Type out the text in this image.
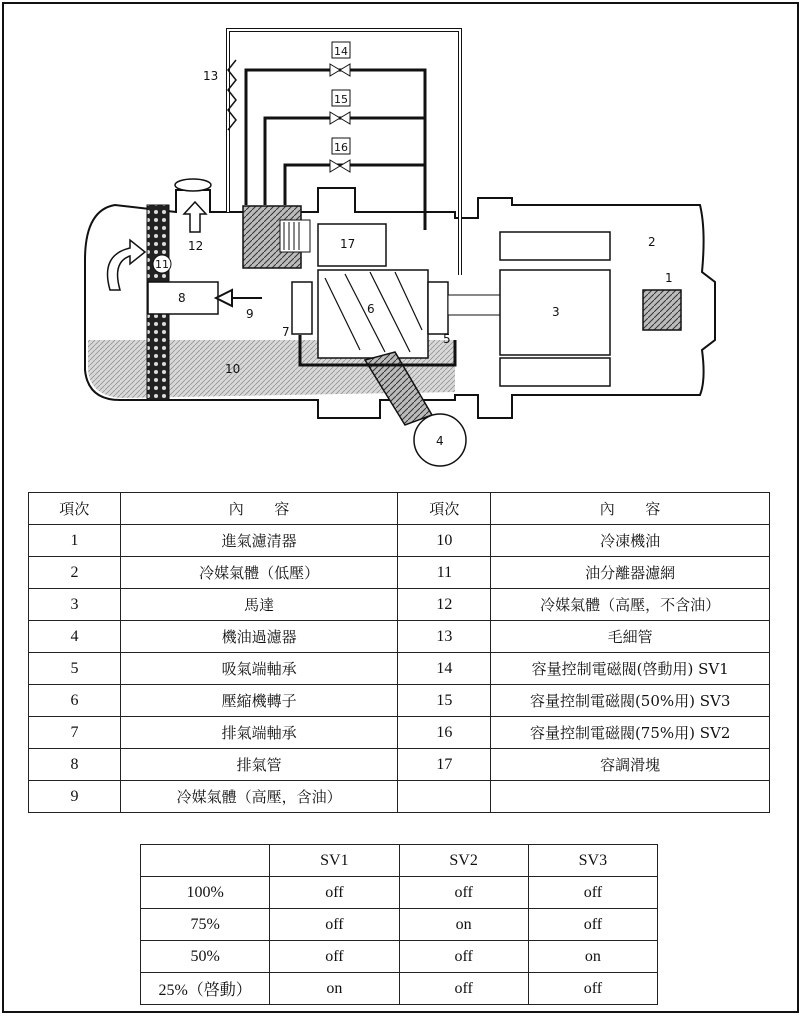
1
2
3
4
5
6
7
8
9
10
11
12
13
14
15
16
17
項次	內　　容	項次	內　　容
1	進氣濾清器	10	冷凍機油
2	冷媒氣體（低壓）	11	油分離器濾網
3	馬達	12	冷媒氣體（高壓，不含油）
4	機油過濾器	13	毛細管
5	吸氣端軸承	14	容量控制電磁閥(啓動用) SV1
6	壓縮機轉子	15	容量控制電磁閥(50%用) SV3
7	排氣端軸承	16	容量控制電磁閥(75%用) SV2
8	排氣管	17	容調滑塊
9	冷媒氣體（高壓，含油）		
	SV1	SV2	SV3
100%	off	off	off
75%	off	on	off
50%	off	off	on
25%（啓動）	on	off	off
